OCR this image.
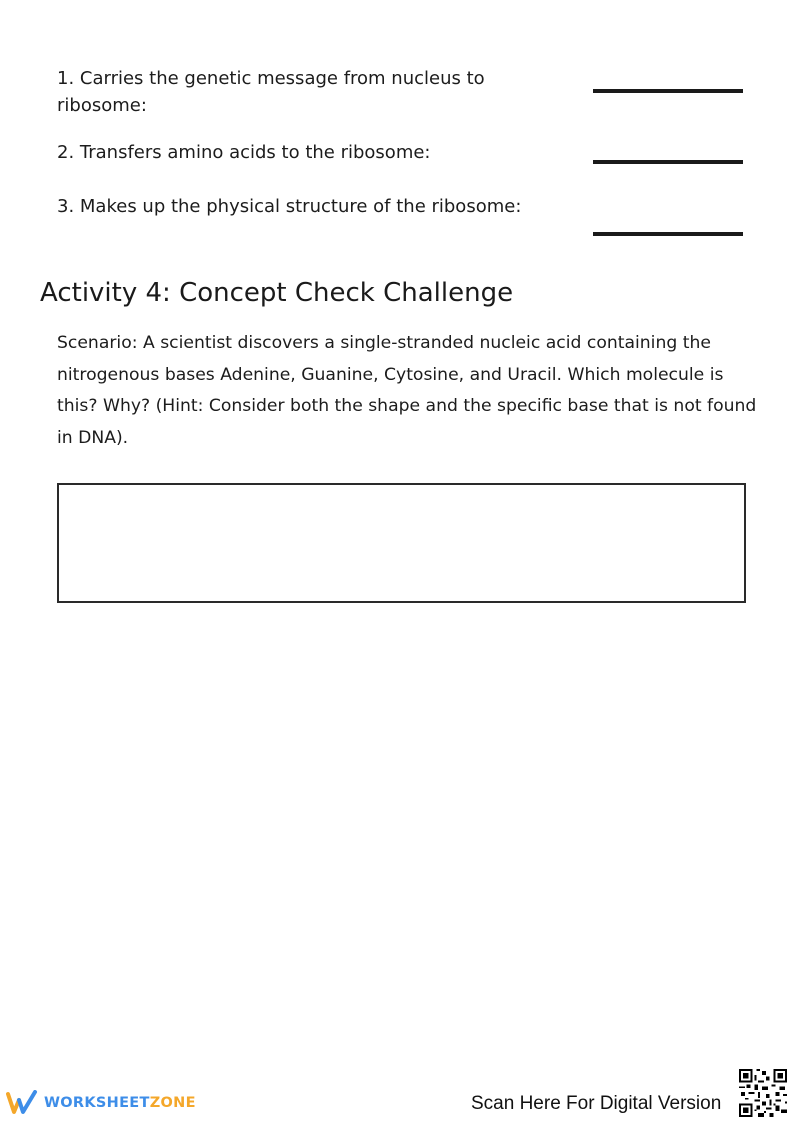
1. Carries the genetic message from nucleus to ribosome:
2. Transfers amino acids to the ribosome:
3. Makes up the physical structure of the ribosome:
Activity 4: Concept Check Challenge
Scenario: A scientist discovers a single-stranded nucleic acid containing the nitrogenous bases Adenine, Guanine, Cytosine, and Uracil. Which molecule is this? Why? (Hint: Consider both the shape and the specific base that is not found in DNA).
WORKSHEETZONE	Scan Here For Digital Version
